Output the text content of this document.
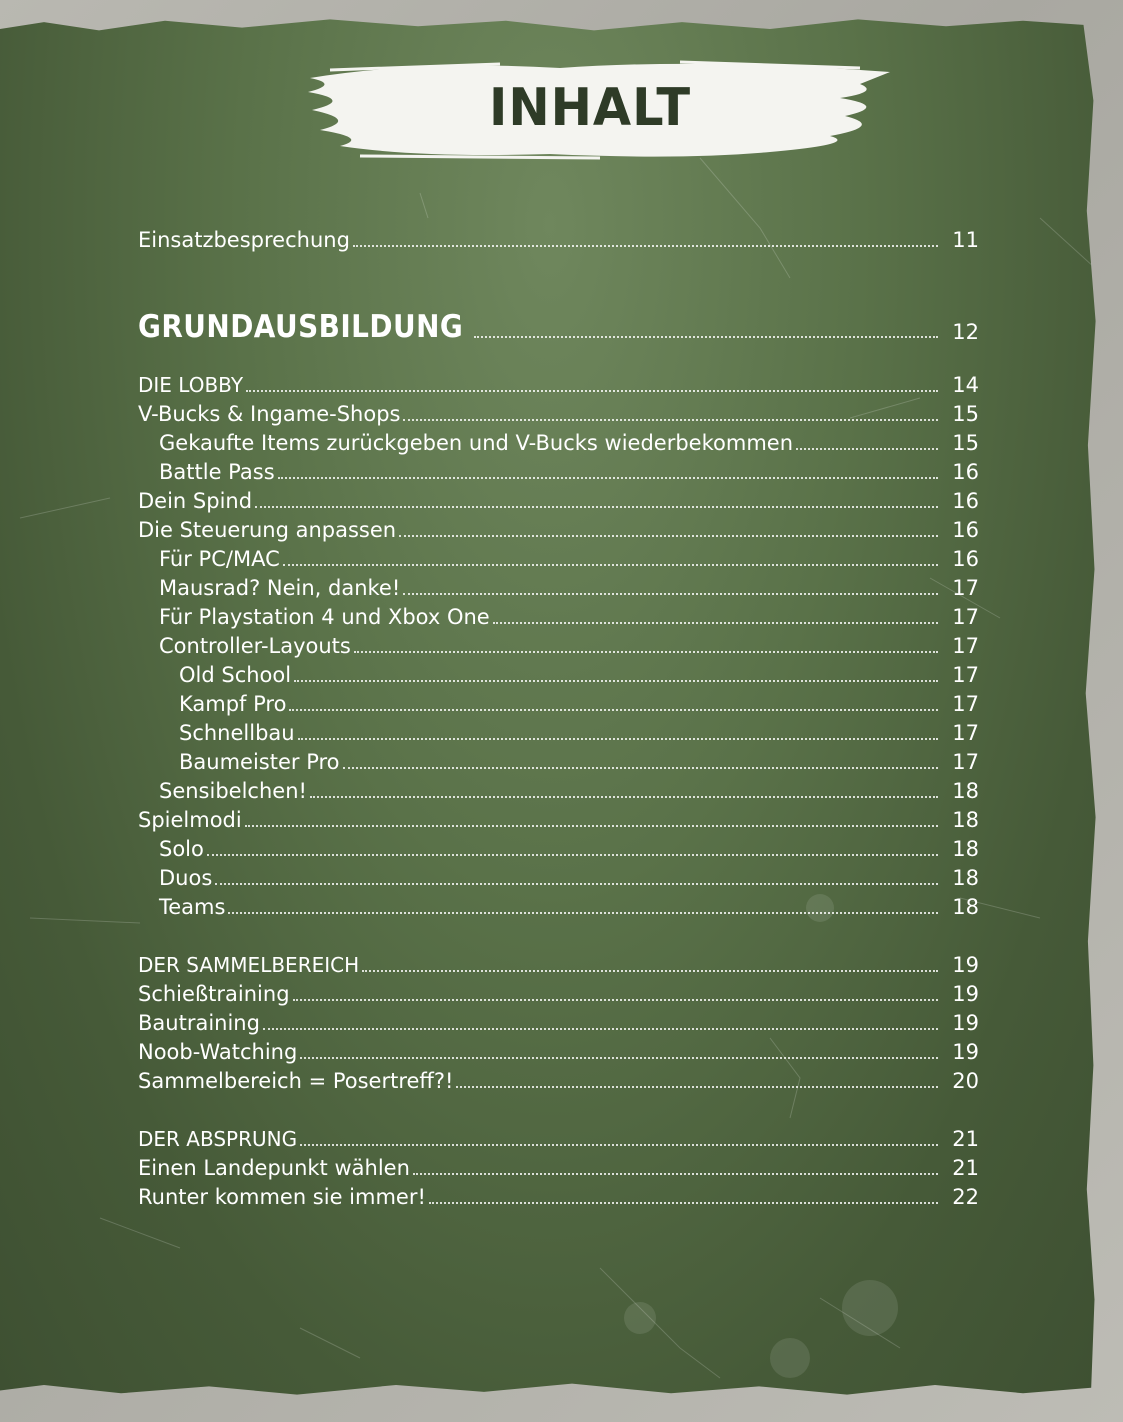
INHALT
Einsatzbesprechung	11
GRUNDAUSBILDUNG	12
DIE LOBBY	14
V-Bucks & Ingame-Shops	15
Gekaufte Items zurückgeben und V-Bucks wiederbekommen	15
Battle Pass	16
Dein Spind	16
Die Steuerung anpassen	16
Für PC/MAC	16
Mausrad? Nein, danke!	17
Für Playstation 4 und Xbox One	17
Controller-Layouts	17
Old School	17
Kampf Pro	17
Schnellbau	17
Baumeister Pro	17
Sensibelchen!	18
Spielmodi	18
Solo	18
Duos	18
Teams	18
DER SAMMELBEREICH	19
Schießtraining	19
Bautraining	19
Noob-Watching	19
Sammelbereich = Posertreff?!	20
DER ABSPRUNG	21
Einen Landepunkt wählen	21
Runter kommen sie immer!	22
